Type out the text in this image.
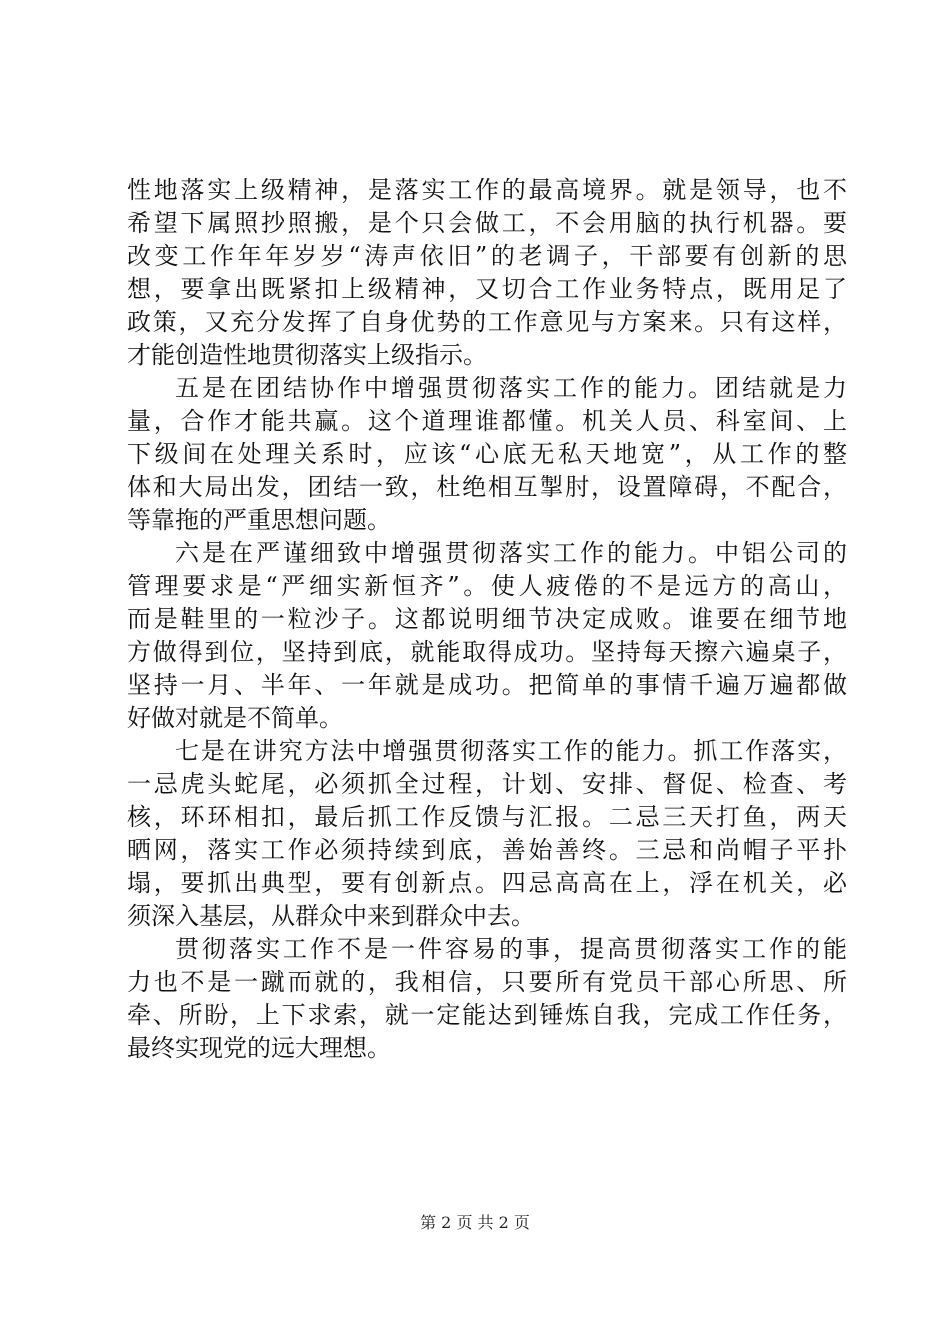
性地落实上级精神，是落实工作的最高境界。就是领导，也不
希望下属照抄照搬，是个只会做工，不会用脑的执行机器。要
改变工作年年岁岁“涛声依旧”的老调子，干部要有创新的思
想，要拿出既紧扣上级精神，又切合工作业务特点，既用足了
政策，又充分发挥了自身优势的工作意见与方案来。只有这样，
才能创造性地贯彻落实上级指示。
五是在团结协作中增强贯彻落实工作的能力。团结就是力
量，合作才能共赢。这个道理谁都懂。机关人员、科室间、上
下级间在处理关系时，应该“心底无私天地宽”，从工作的整
体和大局出发，团结一致，杜绝相互掣肘，设置障碍，不配合，
等靠拖的严重思想问题。
六是在严谨细致中增强贯彻落实工作的能力。中铝公司的
管理要求是“严细实新恒齐”。使人疲倦的不是远方的高山，
而是鞋里的一粒沙子。这都说明细节决定成败。谁要在细节地
方做得到位，坚持到底，就能取得成功。坚持每天擦六遍桌子，
坚持一月、半年、一年就是成功。把简单的事情千遍万遍都做
好做对就是不简单。
七是在讲究方法中增强贯彻落实工作的能力。抓工作落实，
一忌虎头蛇尾，必须抓全过程，计划、安排、督促、检查、考
核，环环相扣，最后抓工作反馈与汇报。二忌三天打鱼，两天
晒网，落实工作必须持续到底，善始善终。三忌和尚帽子平扑
塌，要抓出典型，要有创新点。四忌高高在上，浮在机关，必
须深入基层，从群众中来到群众中去。
贯彻落实工作不是一件容易的事，提高贯彻落实工作的能
力也不是一蹴而就的，我相信，只要所有党员干部心所思、所
牵、所盼，上下求索，就一定能达到锤炼自我，完成工作任务，
最终实现党的远大理想。
第 2 页 共 2 页
